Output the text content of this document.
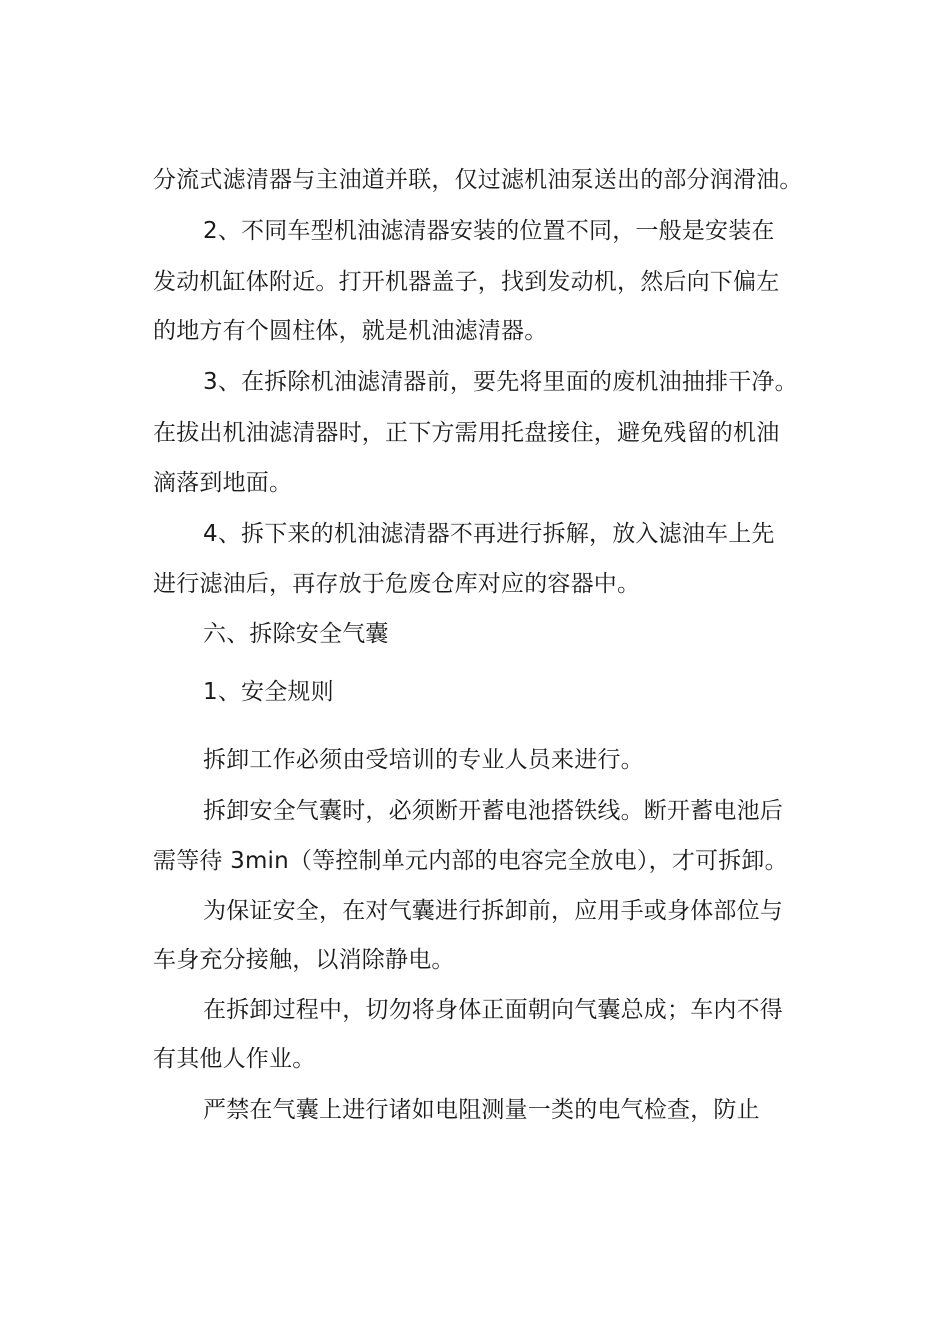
分流式滤清器与主油道并联，仅过滤机油泵送出的部分润滑油。
2、不同车型机油滤清器安装的位置不同，一般是安装在
发动机缸体附近。打开机器盖子，找到发动机，然后向下偏左
的地方有个圆柱体，就是机油滤清器。
3、在拆除机油滤清器前，要先将里面的废机油抽排干净。
在拔出机油滤清器时，正下方需用托盘接住，避免残留的机油
滴落到地面。
4、拆下来的机油滤清器不再进行拆解，放入滤油车上先
进行滤油后，再存放于危废仓库对应的容器中。
六、拆除安全气囊
1、安全规则
拆卸工作必须由受培训的专业人员来进行。
拆卸安全气囊时，必须断开蓄电池搭铁线。断开蓄电池后
需等待 3min（等控制单元内部的电容完全放电），才可拆卸。
为保证安全，在对气囊进行拆卸前，应用手或身体部位与
车身充分接触，以消除静电。
在拆卸过程中，切勿将身体正面朝向气囊总成；车内不得
有其他人作业。
严禁在气囊上进行诸如电阻测量一类的电气检查，防止
